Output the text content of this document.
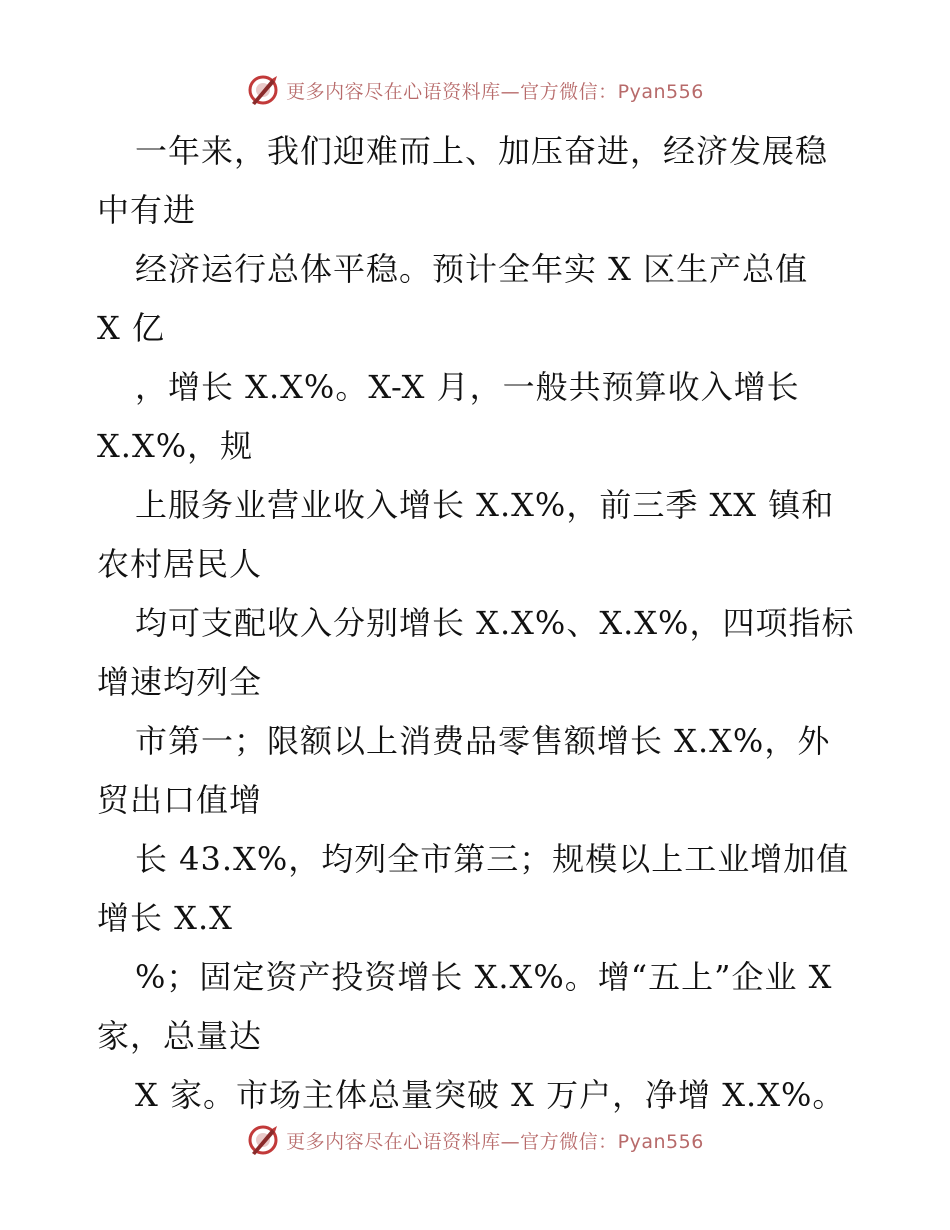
更多内容尽在心语资料库—官方微信：Pyan556
一年来，我们迎难而上、加压奋进，经济发展稳
中有进
经济运行总体平稳。预计全年实 X 区生产总值
X 亿
，增长 X.X%。X-X 月，一般共预算收入增长
X.X%，规
上服务业营业收入增长 X.X%，前三季 XX 镇和
农村居民人
均可支配收入分别增长 X.X%、X.X%，四项指标
增速均列全
市第一；限额以上消费品零售额增长 X.X%，外
贸出口值增
长 43.X%，均列全市第三；规模以上工业增加值
增长 X.X
%；固定资产投资增长 X.X%。增“五上”企业 X
家，总量达
X 家。市场主体总量突破 X 万户，净增 X.X%。
更多内容尽在心语资料库—官方微信：Pyan556
